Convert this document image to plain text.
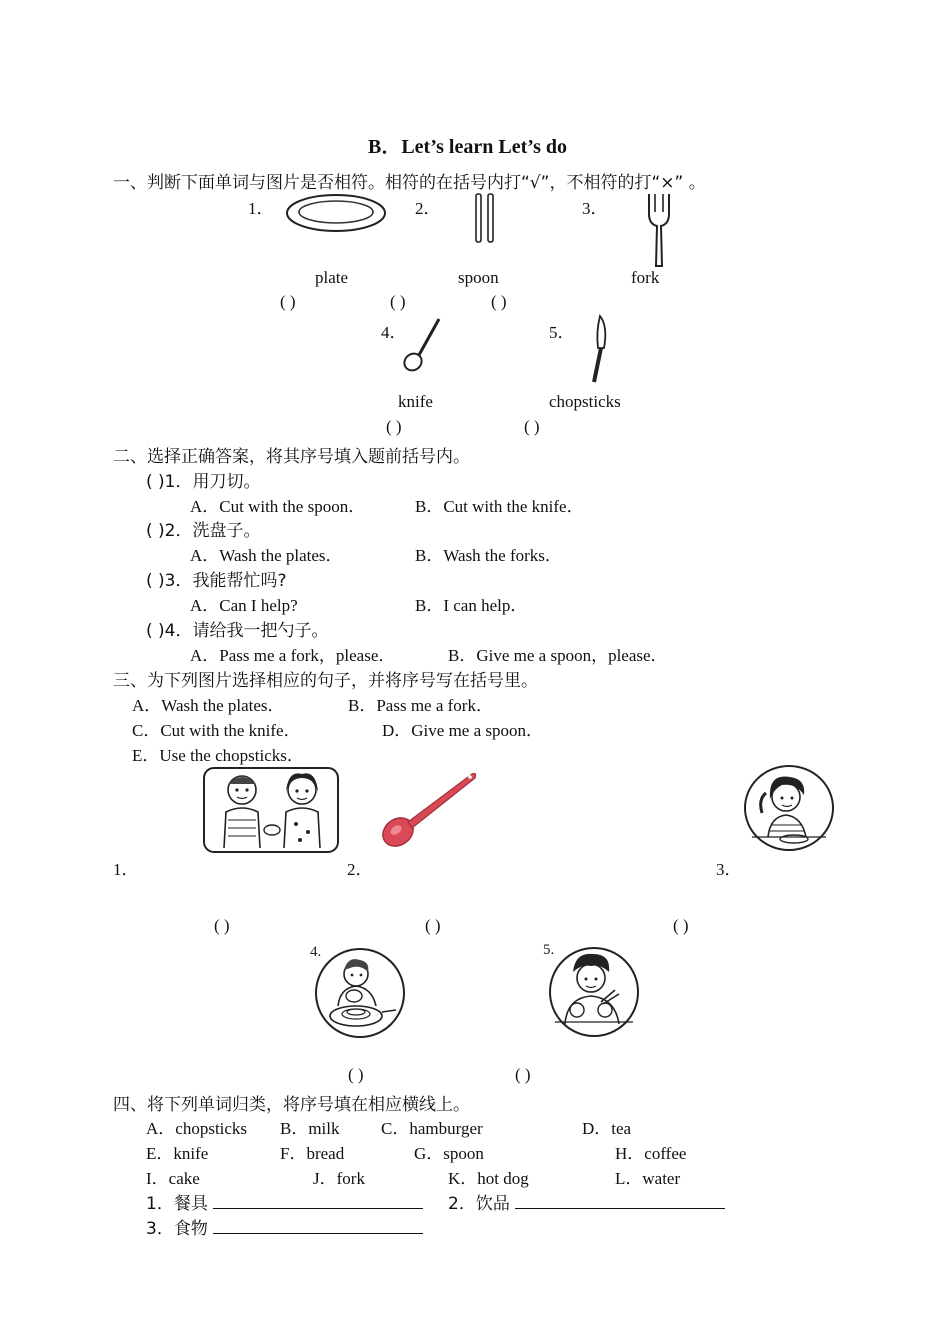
B．Let’s learn Let’s do
一、判断下面单词与图片是否相符。相符的在括号内打“√”，不相符的打“×” 。
1．
plate
( )
2．
spoon
( )
3．
fork
( )
4．
knife
( )
5．
chopsticks
( )
二、选择正确答案，将其序号填入题前括号内。
( )1．用刀切。
A．Cut with the spoon．	B．Cut with the knife．
( )2．洗盘子。
A．Wash the plates．	B．Wash the forks．
( )3．我能帮忙吗?
A．Can I help?	B．I can help．
( )4．请给我一把勺子。
A．Pass me a fork，please．	B．Give me a spoon，please．
三、为下列图片选择相应的句子，并将序号写在括号里。
A．Wash the plates．	B．Pass me a fork．
C．Cut with the knife．	D．Give me a spoon．
E．Use the chopsticks．
1．
( )
2．
( )
3．
( )
4.
( )
5.
( )
四、将下列单词归类，将序号填在相应横线上。
A．chopsticks B．milk C．hamburger	D．tea
E．knife	F．bread	G．spoon	H．coffee
I．cake	J．fork	K．hot dog	L．water
1．餐具	2．饮品
3．食物
